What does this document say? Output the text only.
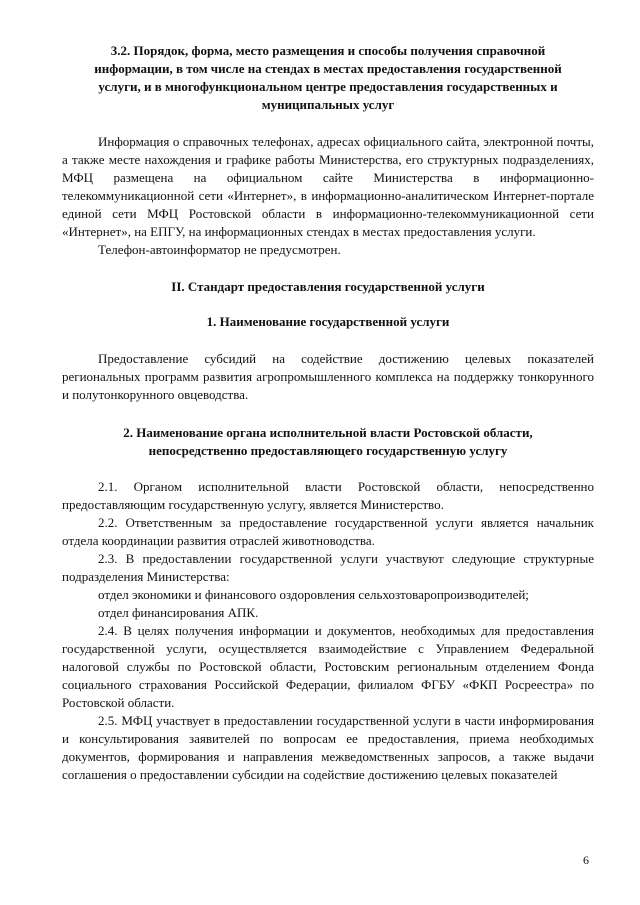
3.2. Порядок, форма, место размещения и способы получения справочной информации, в том числе на стендах в местах предоставления государственной услуги, и в многофункциональном центре предоставления государственных и муниципальных услуг

Информация о справочных телефонах, адресах официального сайта, электронной почты, а также месте нахождения и графике работы Министерства, его структурных подразделениях, МФЦ размещена на официальном сайте Министерства в информационно-телекоммуникационной сети «Интернет», в информационно-аналитическом Интернет-портале единой сети МФЦ Ростовской области в информационно-телекоммуникационной сети «Интернет», на ЕПГУ, на информационных стендах в местах предоставления услуги.

Телефон-автоинформатор не предусмотрен.

II. Стандарт предоставления государственной услуги
1. Наименование государственной услуги

Предоставление субсидий на содействие достижению целевых показателей региональных программ развития агропромышленного комплекса на поддержку тонкорунного и полутонкорунного овцеводства.

2. Наименование органа исполнительной власти Ростовской области, непосредственно предоставляющего государственную услугу

2.1. Органом исполнительной власти Ростовской области, непосредственно предоставляющим государственную услугу, является Министерство.

2.2. Ответственным за предоставление государственной услуги является начальник отдела координации развития отраслей животноводства.

2.3. В предоставлении государственной услуги участвуют следующие структурные подразделения Министерства:

отдел экономики и финансового оздоровления сельхозтоваропроизводителей;

отдел финансирования АПК.

2.4. В целях получения информации и документов, необходимых для предоставления государственной услуги, осуществляется взаимодействие с Управлением Федеральной налоговой службы по Ростовской области, Ростовским региональным отделением Фонда социального страхования Российской Федерации, филиалом ФГБУ «ФКП Росреестра» по Ростовской области.

2.5. МФЦ участвует в предоставлении государственной услуги в части информирования и консультирования заявителей по вопросам ее предоставления, приема необходимых документов, формирования и направления межведомственных запросов, а также выдачи соглашения о предоставлении субсидии на содействие достижению целевых показателей

6
